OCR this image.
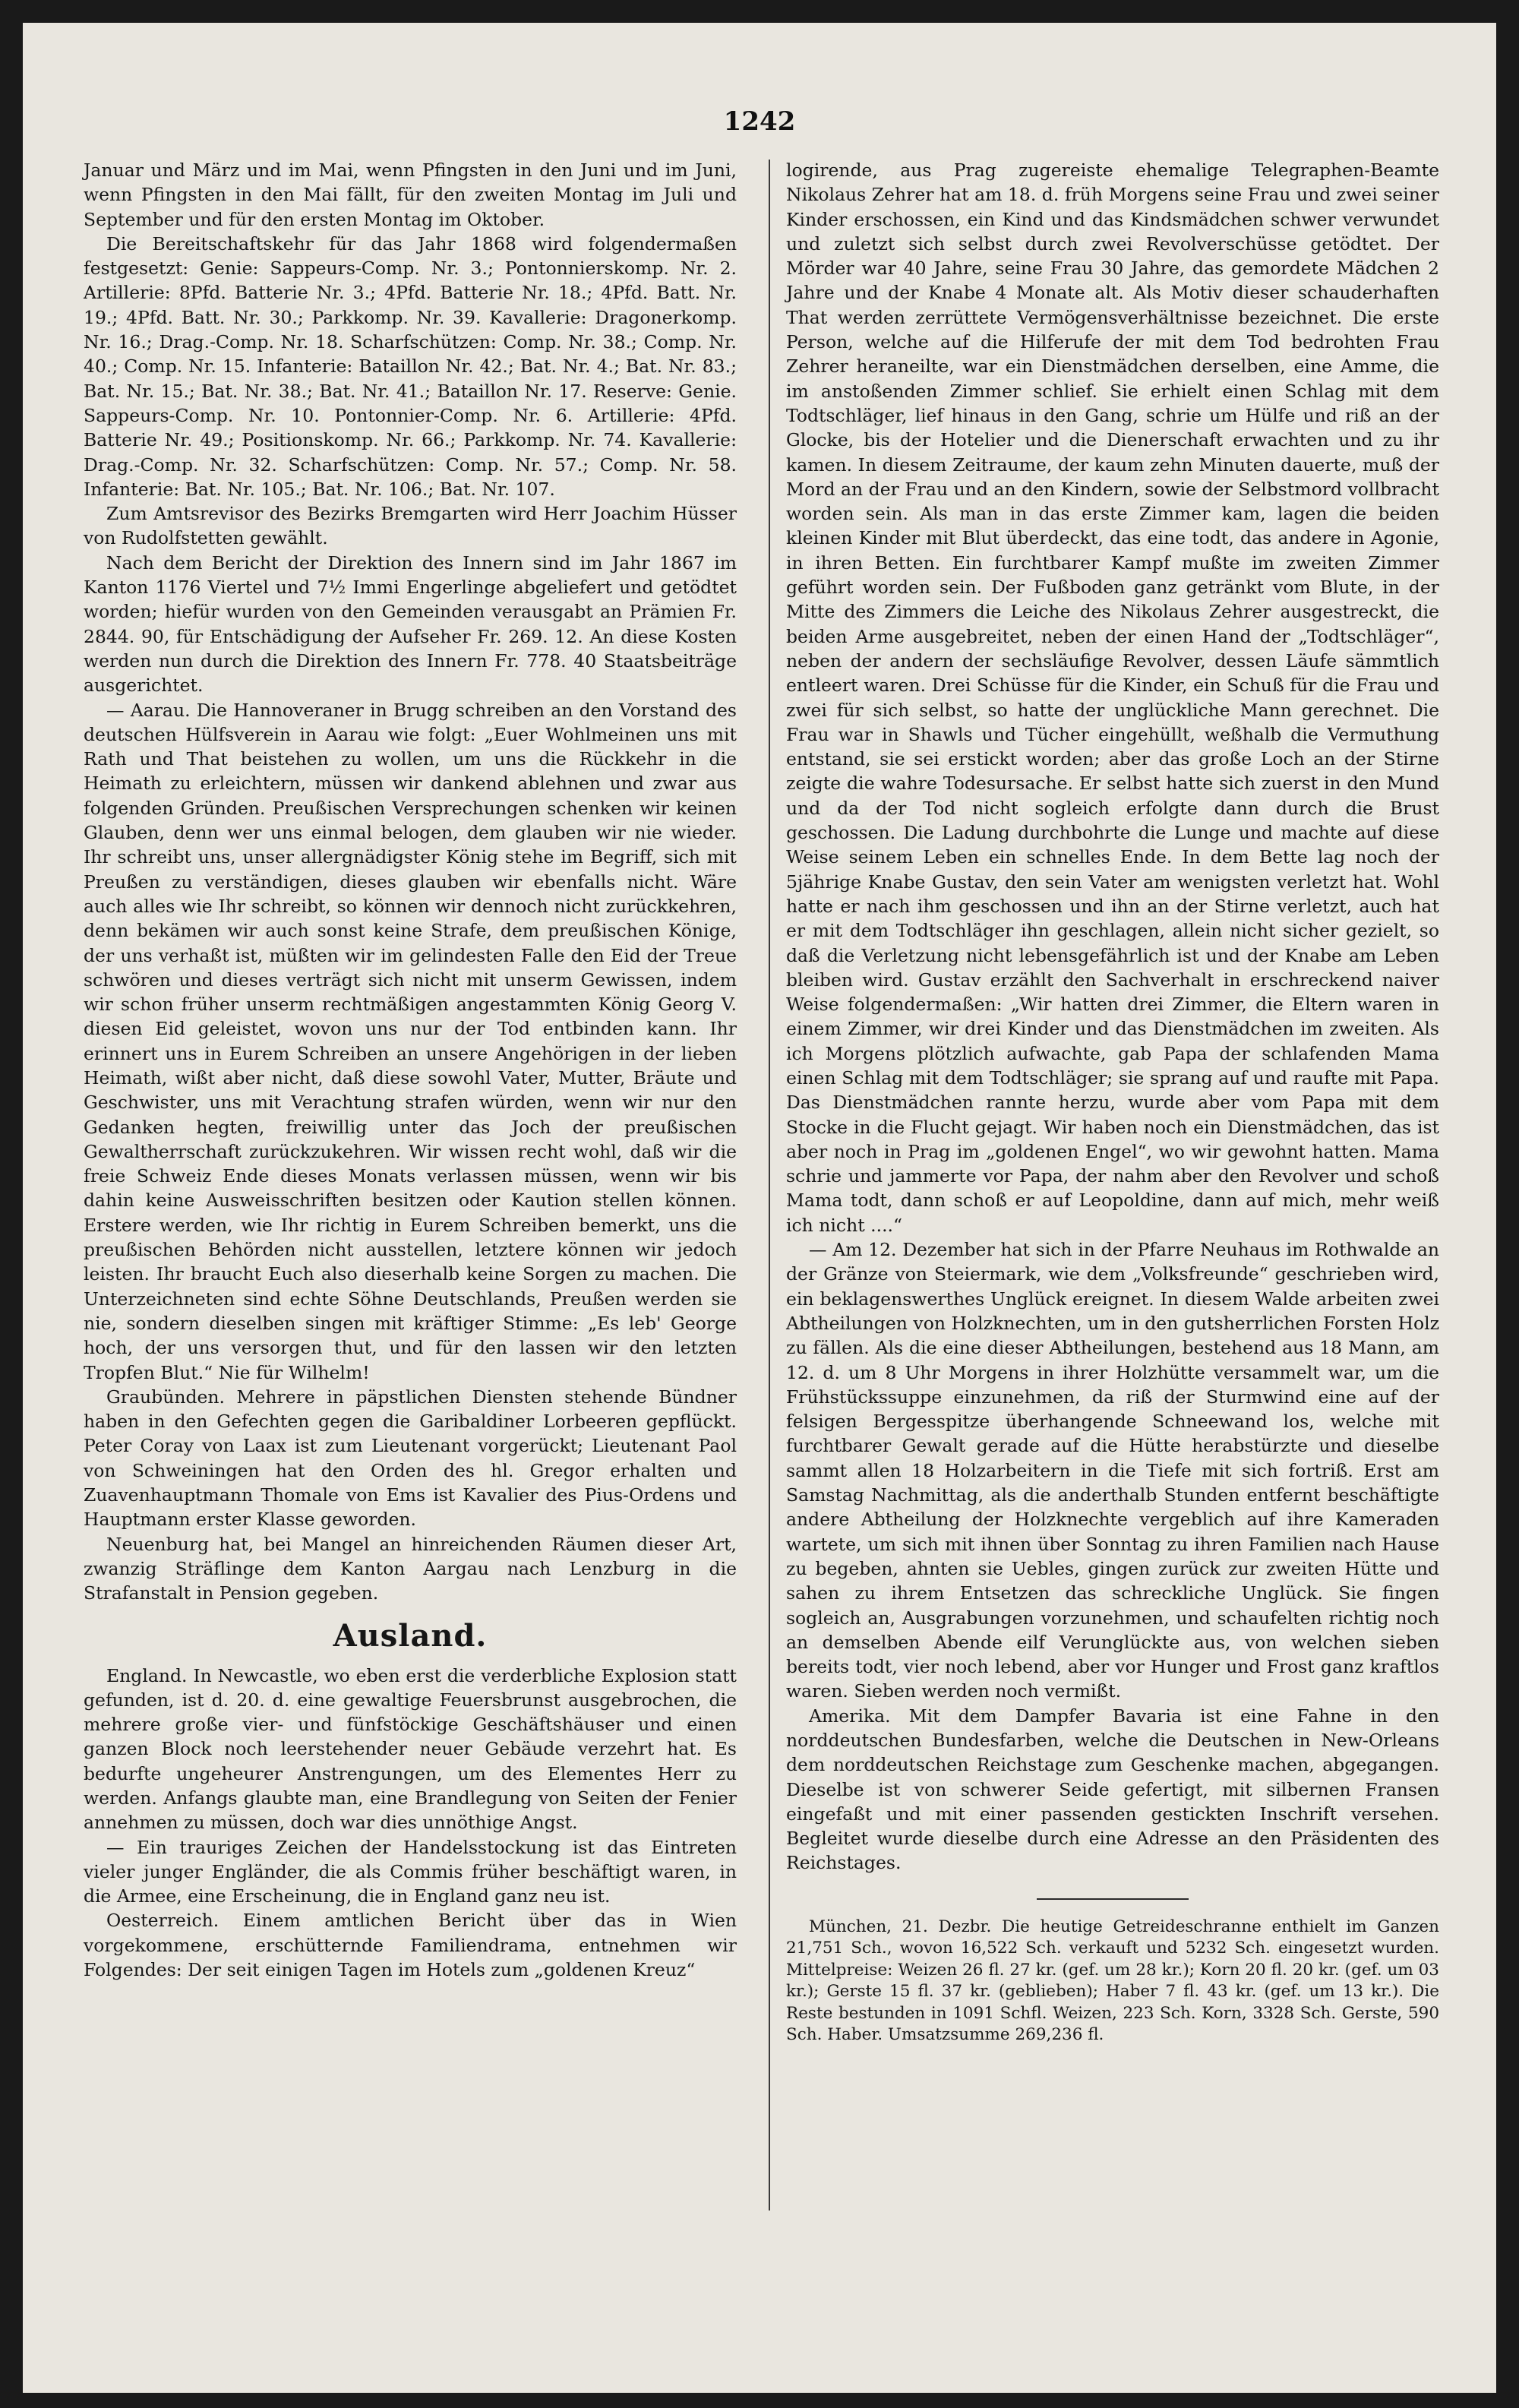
1242

Januar und März und im Mai, wenn Pfingsten in den Juni und im Juni, wenn Pfingsten in den Mai fällt, für den zweiten Montag im Juli und September und für den ersten Montag im Oktober.

Die Bereitschaftskehr für das Jahr 1868 wird folgendermaßen festgesetzt: Genie: Sappeurs-Comp. Nr. 3.; Pontonnierskomp. Nr. 2. Artillerie: 8Pfd. Batterie Nr. 3.; 4Pfd. Batterie Nr. 18.; 4Pfd. Batt. Nr. 19.; 4Pfd. Batt. Nr. 30.; Parkkomp. Nr. 39. Kavallerie: Dragonerkomp. Nr. 16.; Drag.-Comp. Nr. 18. Scharfschützen: Comp. Nr. 38.; Comp. Nr. 40.; Comp. Nr. 15. Infanterie: Bataillon Nr. 42.; Bat. Nr. 4.; Bat. Nr. 83.; Bat. Nr. 15.; Bat. Nr. 38.; Bat. Nr. 41.; Bataillon Nr. 17. Reserve: Genie. Sappeurs-Comp. Nr. 10. Pontonnier-Comp. Nr. 6. Artillerie: 4Pfd. Batterie Nr. 49.; Positionskomp. Nr. 66.; Parkkomp. Nr. 74. Kavallerie: Drag.-Comp. Nr. 32. Scharfschützen: Comp. Nr. 57.; Comp. Nr. 58. Infanterie: Bat. Nr. 105.; Bat. Nr. 106.; Bat. Nr. 107.

Zum Amtsrevisor des Bezirks Bremgarten wird Herr Joachim Hüsser von Rudolfstetten gewählt.

Nach dem Bericht der Direktion des Innern sind im Jahr 1867 im Kanton 1176 Viertel und 7½ Immi Engerlinge abgeliefert und getödtet worden; hiefür wurden von den Gemeinden verausgabt an Prämien Fr. 2844. 90, für Entschädigung der Aufseher Fr. 269. 12. An diese Kosten werden nun durch die Direktion des Innern Fr. 778. 40 Staatsbeiträge ausgerichtet.

— Aarau. Die Hannoveraner in Brugg schreiben an den Vorstand des deutschen Hülfsverein in Aarau wie folgt: „Euer Wohlmeinen uns mit Rath und That beistehen zu wollen, um uns die Rückkehr in die Heimath zu erleichtern, müssen wir dankend ablehnen und zwar aus folgenden Gründen. Preußischen Versprechungen schenken wir keinen Glauben, denn wer uns einmal belogen, dem glauben wir nie wieder. Ihr schreibt uns, unser allergnädigster König stehe im Begriff, sich mit Preußen zu verständigen, dieses glauben wir ebenfalls nicht. Wäre auch alles wie Ihr schreibt, so können wir dennoch nicht zurückkehren, denn bekämen wir auch sonst keine Strafe, dem preußischen Könige, der uns verhaßt ist, müßten wir im gelindesten Falle den Eid der Treue schwören und dieses verträgt sich nicht mit unserm Gewissen, indem wir schon früher unserm rechtmäßigen angestammten König Georg V. diesen Eid geleistet, wovon uns nur der Tod entbinden kann. Ihr erinnert uns in Eurem Schreiben an unsere Angehörigen in der lieben Heimath, wißt aber nicht, daß diese sowohl Vater, Mutter, Bräute und Geschwister, uns mit Verachtung strafen würden, wenn wir nur den Gedanken hegten, freiwillig unter das Joch der preußischen Gewaltherrschaft zurückzukehren. Wir wissen recht wohl, daß wir die freie Schweiz Ende dieses Monats verlassen müssen, wenn wir bis dahin keine Ausweisschriften besitzen oder Kaution stellen können. Erstere werden, wie Ihr richtig in Eurem Schreiben bemerkt, uns die preußischen Behörden nicht ausstellen, letztere können wir jedoch leisten. Ihr braucht Euch also dieserhalb keine Sorgen zu machen. Die Unterzeichneten sind echte Söhne Deutschlands, Preußen werden sie nie, sondern dieselben singen mit kräftiger Stimme: „Es leb' George hoch, der uns versorgen thut, und für den lassen wir den letzten Tropfen Blut.“ Nie für Wilhelm!

Graubünden. Mehrere in päpstlichen Diensten stehende Bündner haben in den Gefechten gegen die Garibaldiner Lorbeeren gepflückt. Peter Coray von Laax ist zum Lieutenant vorgerückt; Lieutenant Paol von Schweiningen hat den Orden des hl. Gregor erhalten und Zuavenhauptmann Thomale von Ems ist Kavalier des Pius-Ordens und Hauptmann erster Klasse geworden.

Neuenburg hat, bei Mangel an hinreichenden Räumen dieser Art, zwanzig Sträflinge dem Kanton Aargau nach Lenzburg in die Strafanstalt in Pension gegeben.

Ausland.

England. In Newcastle, wo eben erst die verderbliche Explosion statt gefunden, ist d. 20. d. eine gewaltige Feuersbrunst ausgebrochen, die mehrere große vier- und fünfstöckige Geschäftshäuser und einen ganzen Block noch leerstehender neuer Gebäude verzehrt hat. Es bedurfte ungeheurer Anstrengungen, um des Elementes Herr zu werden. Anfangs glaubte man, eine Brandlegung von Seiten der Fenier annehmen zu müssen, doch war dies unnöthige Angst.

— Ein trauriges Zeichen der Handelsstockung ist das Eintreten vieler junger Engländer, die als Commis früher beschäftigt waren, in die Armee, eine Erscheinung, die in England ganz neu ist.

Oesterreich. Einem amtlichen Bericht über das in Wien vorgekommene, erschütternde Familiendrama, entnehmen wir Folgendes: Der seit einigen Tagen im Hotels zum „goldenen Kreuz“

logirende, aus Prag zugereiste ehemalige Telegraphen-Beamte Nikolaus Zehrer hat am 18. d. früh Morgens seine Frau und zwei seiner Kinder erschossen, ein Kind und das Kindsmädchen schwer verwundet und zuletzt sich selbst durch zwei Revolverschüsse getödtet. Der Mörder war 40 Jahre, seine Frau 30 Jahre, das gemordete Mädchen 2 Jahre und der Knabe 4 Monate alt. Als Motiv dieser schauderhaften That werden zerrüttete Vermögensverhältnisse bezeichnet. Die erste Person, welche auf die Hilferufe der mit dem Tod bedrohten Frau Zehrer heraneilte, war ein Dienstmädchen derselben, eine Amme, die im anstoßenden Zimmer schlief. Sie erhielt einen Schlag mit dem Todtschläger, lief hinaus in den Gang, schrie um Hülfe und riß an der Glocke, bis der Hotelier und die Dienerschaft erwachten und zu ihr kamen. In diesem Zeitraume, der kaum zehn Minuten dauerte, muß der Mord an der Frau und an den Kindern, sowie der Selbstmord vollbracht worden sein. Als man in das erste Zimmer kam, lagen die beiden kleinen Kinder mit Blut überdeckt, das eine todt, das andere in Agonie, in ihren Betten. Ein furchtbarer Kampf mußte im zweiten Zimmer geführt worden sein. Der Fußboden ganz getränkt vom Blute, in der Mitte des Zimmers die Leiche des Nikolaus Zehrer ausgestreckt, die beiden Arme ausgebreitet, neben der einen Hand der „Todtschläger“, neben der andern der sechsläufige Revolver, dessen Läufe sämmtlich entleert waren. Drei Schüsse für die Kinder, ein Schuß für die Frau und zwei für sich selbst, so hatte der unglückliche Mann gerechnet. Die Frau war in Shawls und Tücher eingehüllt, weßhalb die Vermuthung entstand, sie sei erstickt worden; aber das große Loch an der Stirne zeigte die wahre Todesursache. Er selbst hatte sich zuerst in den Mund und da der Tod nicht sogleich erfolgte dann durch die Brust geschossen. Die Ladung durchbohrte die Lunge und machte auf diese Weise seinem Leben ein schnelles Ende. In dem Bette lag noch der 5jährige Knabe Gustav, den sein Vater am wenigsten verletzt hat. Wohl hatte er nach ihm geschossen und ihn an der Stirne verletzt, auch hat er mit dem Todtschläger ihn geschlagen, allein nicht sicher gezielt, so daß die Verletzung nicht lebensgefährlich ist und der Knabe am Leben bleiben wird. Gustav erzählt den Sachverhalt in erschreckend naiver Weise folgendermaßen: „Wir hatten drei Zimmer, die Eltern waren in einem Zimmer, wir drei Kinder und das Dienstmädchen im zweiten. Als ich Morgens plötzlich aufwachte, gab Papa der schlafenden Mama einen Schlag mit dem Todtschläger; sie sprang auf und raufte mit Papa. Das Dienstmädchen rannte herzu, wurde aber vom Papa mit dem Stocke in die Flucht gejagt. Wir haben noch ein Dienstmädchen, das ist aber noch in Prag im „goldenen Engel“, wo wir gewohnt hatten. Mama schrie und jammerte vor Papa, der nahm aber den Revolver und schoß Mama todt, dann schoß er auf Leopoldine, dann auf mich, mehr weiß ich nicht ....“

— Am 12. Dezember hat sich in der Pfarre Neuhaus im Rothwalde an der Gränze von Steiermark, wie dem „Volksfreunde“ geschrieben wird, ein beklagenswerthes Unglück ereignet. In diesem Walde arbeiten zwei Abtheilungen von Holzknechten, um in den gutsherrlichen Forsten Holz zu fällen. Als die eine dieser Abtheilungen, bestehend aus 18 Mann, am 12. d. um 8 Uhr Morgens in ihrer Holzhütte versammelt war, um die Frühstückssuppe einzunehmen, da riß der Sturmwind eine auf der felsigen Bergesspitze überhangende Schneewand los, welche mit furchtbarer Gewalt gerade auf die Hütte herabstürzte und dieselbe sammt allen 18 Holzarbeitern in die Tiefe mit sich fortriß. Erst am Samstag Nachmittag, als die anderthalb Stunden entfernt beschäftigte andere Abtheilung der Holzknechte vergeblich auf ihre Kameraden wartete, um sich mit ihnen über Sonntag zu ihren Familien nach Hause zu begeben, ahnten sie Uebles, gingen zurück zur zweiten Hütte und sahen zu ihrem Entsetzen das schreckliche Unglück. Sie fingen sogleich an, Ausgrabungen vorzunehmen, und schaufelten richtig noch an demselben Abende eilf Verunglückte aus, von welchen sieben bereits todt, vier noch lebend, aber vor Hunger und Frost ganz kraftlos waren. Sieben werden noch vermißt.

Amerika. Mit dem Dampfer Bavaria ist eine Fahne in den norddeutschen Bundesfarben, welche die Deutschen in New-Orleans dem norddeutschen Reichstage zum Geschenke machen, abgegangen. Dieselbe ist von schwerer Seide gefertigt, mit silbernen Fransen eingefaßt und mit einer passenden gestickten Inschrift versehen. Begleitet wurde dieselbe durch eine Adresse an den Präsidenten des Reichstages.

München, 21. Dezbr. Die heutige Getreideschranne enthielt im Ganzen 21,751 Sch., wovon 16,522 Sch. verkauft und 5232 Sch. eingesetzt wurden. Mittelpreise: Weizen 26 fl. 27 kr. (gef. um 28 kr.); Korn 20 fl. 20 kr. (gef. um 03 kr.); Gerste 15 fl. 37 kr. (geblieben); Haber 7 fl. 43 kr. (gef. um 13 kr.). Die Reste bestunden in 1091 Schfl. Weizen, 223 Sch. Korn, 3328 Sch. Gerste, 590 Sch. Haber. Umsatzsumme 269,236 fl.
